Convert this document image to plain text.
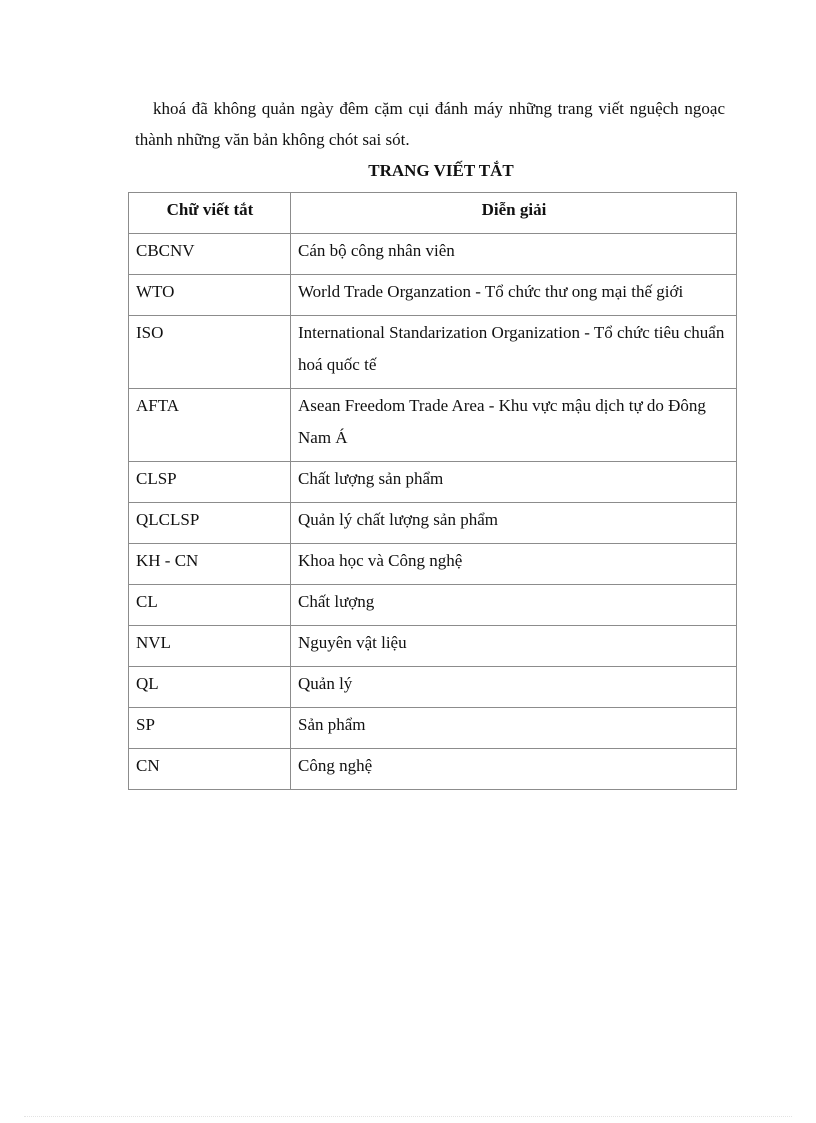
khoá đã không quản ngày đêm cặm cụi đánh máy những trang viết nguệch ngoạc thành những văn bản không chót sai sót.

TRANG VIẾT TẮT
Chữ viết tắt	Diễn giải
CBCNV	Cán bộ công nhân viên
WTO	World Trade Organzation - Tổ chức thư ong mại thế giới
ISO	International Standarization Organization - Tổ chức tiêu chuẩn hoá quốc tế
AFTA	Asean Freedom Trade Area - Khu vực mậu dịch tự do Đông Nam Á
CLSP	Chất lượng sản phẩm
QLCLSP	Quản lý chất lượng sản phẩm
KH - CN	Khoa học và Công nghệ
CL	Chất lượng
NVL	Nguyên vật liệu
QL	Quản lý
SP	Sản phẩm
CN	Công nghệ
